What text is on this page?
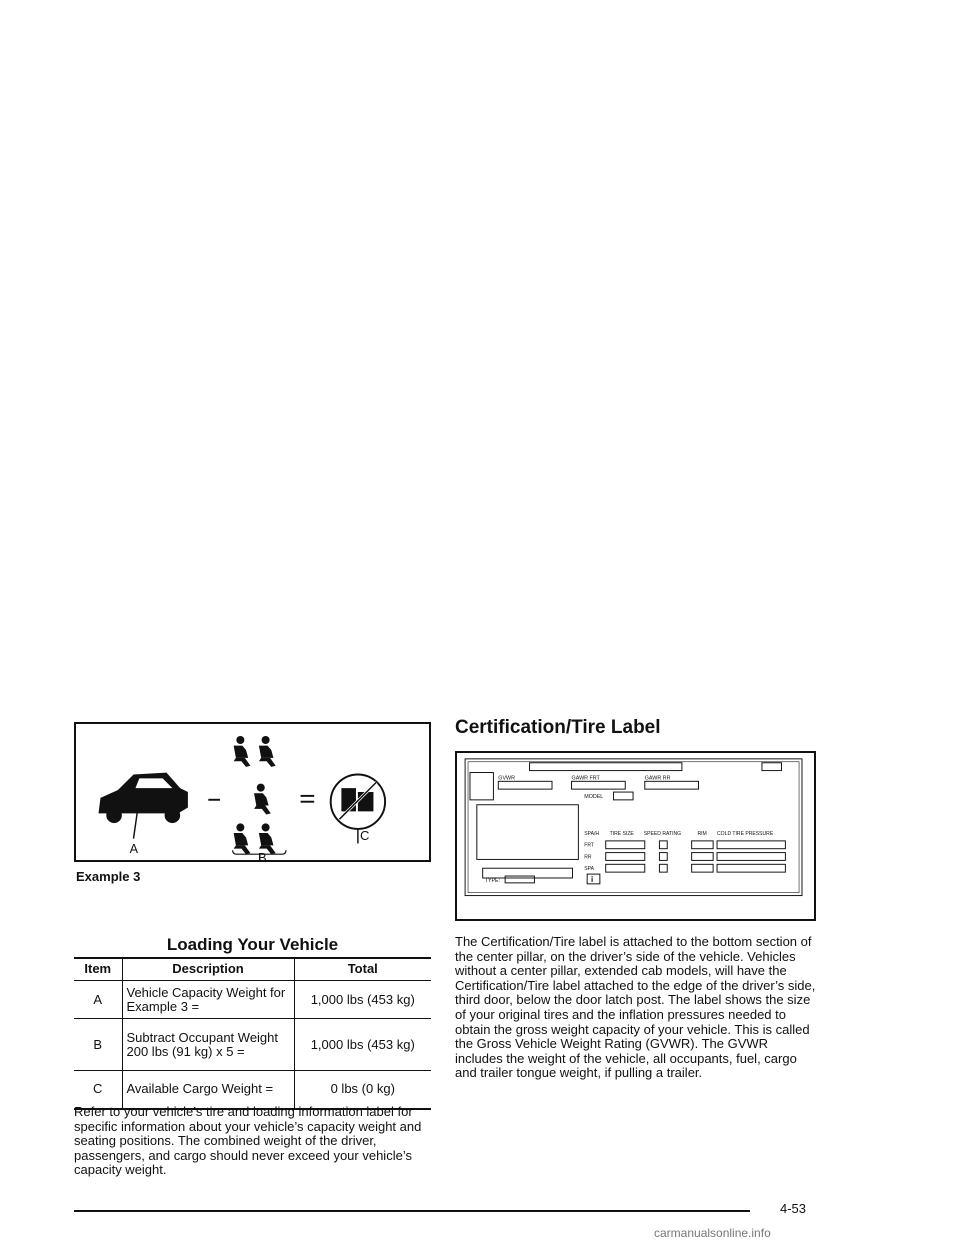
A
B
C
Example 3
Loading Your Vehicle
Item	Description	Total
A	Vehicle Capacity Weight for Example 3 =	1,000 lbs (453 kg)
B	Subtract Occupant Weight 200 lbs (91 kg) x 5 =	1,000 lbs (453 kg)
C	Available Cargo Weight =	0 lbs (0 kg)

Refer to your vehicle’s tire and loading information label for specific information about your vehicle’s capacity weight and seating positions. The combined weight of the driver, passengers, and cargo should never exceed your vehicle’s capacity weight.

Certification/Tire Label
GVWR	GAWR FRT	GAWR RR
MODEL
TYPE:
SPA/H TIRE SIZE SPEED RATING	RIM COLD TIRE PRESSURE
FRT
RR
SPA
i

The Certification/Tire label is attached to the bottom section of the center pillar, on the driver’s side of the vehicle. Vehicles without a center pillar, extended cab models, will have the Certification/Tire label attached to the edge of the driver’s side, third door, below the door latch post. The label shows the size of your original tires and the inflation pressures needed to obtain the gross weight capacity of your vehicle. This is called the Gross Vehicle Weight Rating (GVWR). The GVWR includes the weight of the vehicle, all occupants, fuel, cargo and trailer tongue weight, if pulling a trailer.

4-53
carmanualsonline.info
